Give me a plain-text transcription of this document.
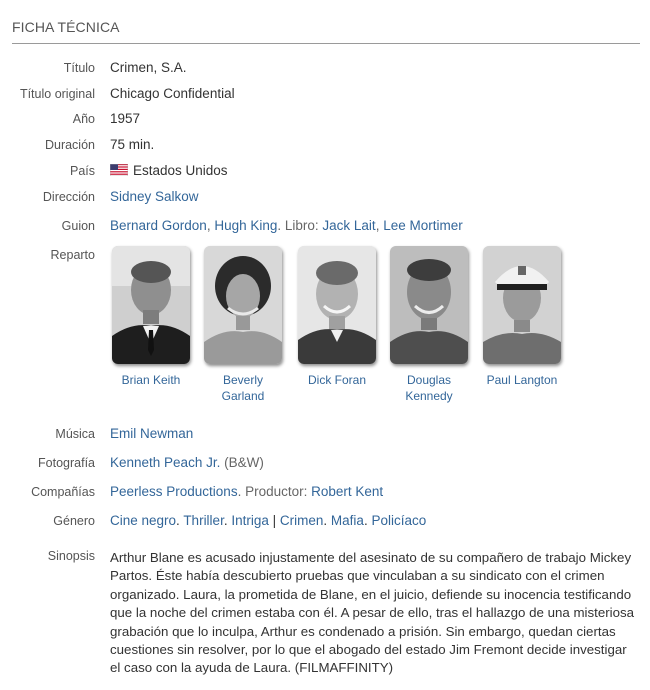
FICHA TÉCNICA
Título Crimen, S.A.
Título original Chicago Confidential
Año 1957
Duración 75 min.
País	Estados Unidos
Dirección Sidney Salkow
Guion Bernard Gordon, Hugh King. Libro: Jack Lait, Lee Mortimer
Reparto
Brian Keith	Beverly Garland
Dick Foran	Douglas Kennedy
Paul Langton
Música Emil Newman
Fotografía Kenneth Peach Jr. (B&W)
Compañías Peerless Productions. Productor: Robert Kent
Género Cine negro. Thriller. Intriga | Crimen. Mafia. Policíaco
Sinopsis Arthur Blane es acusado injustamente del asesinato de su compañero de trabajo Mickey Partos. Éste había descubierto pruebas que vinculaban a su sindicato con el crimen organizado. Laura, la prometida de Blane, en el juicio, defiende su inocencia testificando que la noche del crimen estaba con él. A pesar de ello, tras el hallazgo de una misteriosa grabación que lo inculpa, Arthur es condenado a prisión. Sin embargo, quedan ciertas cuestiones sin resolver, por lo que el abogado del estado Jim Fremont decide investigar el caso con la ayuda de Laura. (FILMAFFINITY)
